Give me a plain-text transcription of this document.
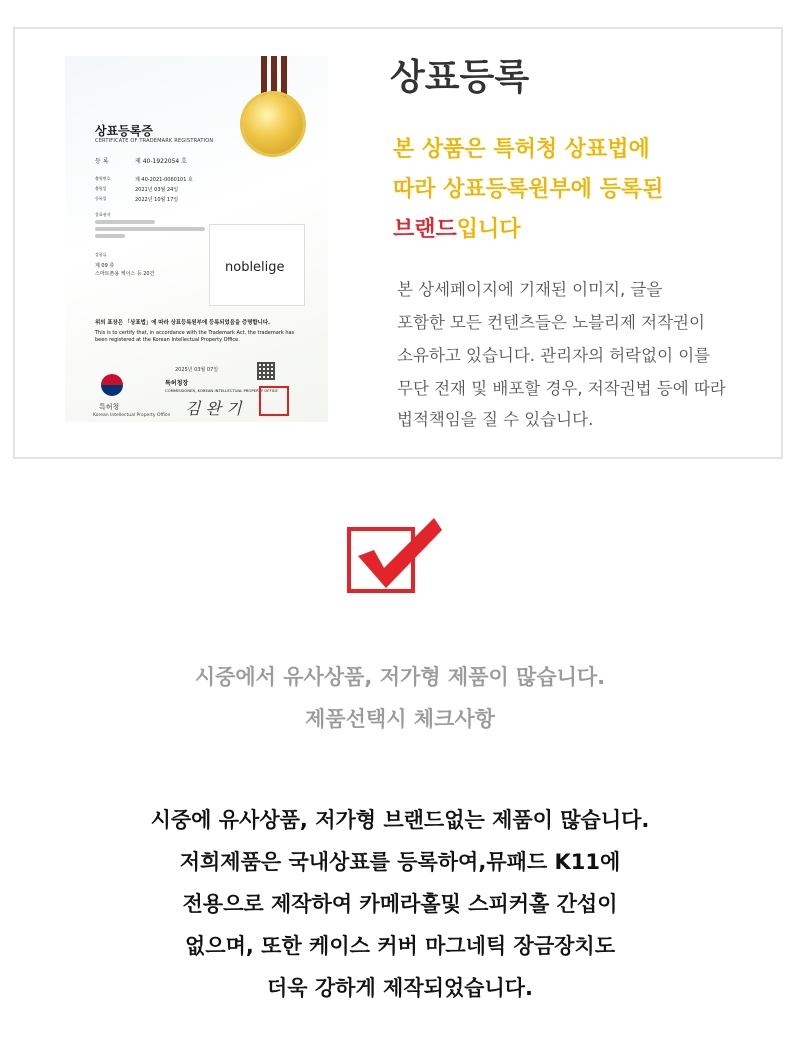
상표등록증
CERTIFICATE OF TRADEMARK REGISTRATION
등 록	제 40-1922054 호
출원번호	제 40-2021-0060101 호
출원일	2021년 03월 24일
등록일	2022년 10월 17일
상표권자
상품류
제 09 류
스마트폰용 케이스 등 20건	noblelige
위의 표장은 「상표법」에 따라 상표등록원부에 등록되었음을 증명합니다.
This is to certify that, in accordance with the Trademark Act, the trademark has
been registered at the Korean Intellectual Property Office.
특허청
Korean Intellectual Property Office
2025년 03월 07일
특허청장
COMMISSIONER, KOREAN INTELLECTUAL PROPERTY OFFICE
김 완 기
상표등록
본 상품은 특허청 상표법에
따라 상표등록원부에 등록된
브랜드입니다
본 상세페이지에 기재된 이미지, 글을
포함한 모든 컨텐츠들은 노블리제 저작권이
소유하고 있습니다. 관리자의 허락없이 이를
무단 전재 및 배포할 경우, 저작권법 등에 따라
법적책임을 질 수 있습니다.
시중에서 유사상품, 저가형 제품이 많습니다.
제품선택시 체크사항
시중에 유사상품, 저가형 브랜드없는 제품이 많습니다.
저희제품은 국내상표를 등록하여,뮤패드 K11에
전용으로 제작하여 카메라홀및 스피커홀 간섭이
없으며, 또한 케이스 커버 마그네틱 장금장치도
더욱 강하게 제작되었습니다.
